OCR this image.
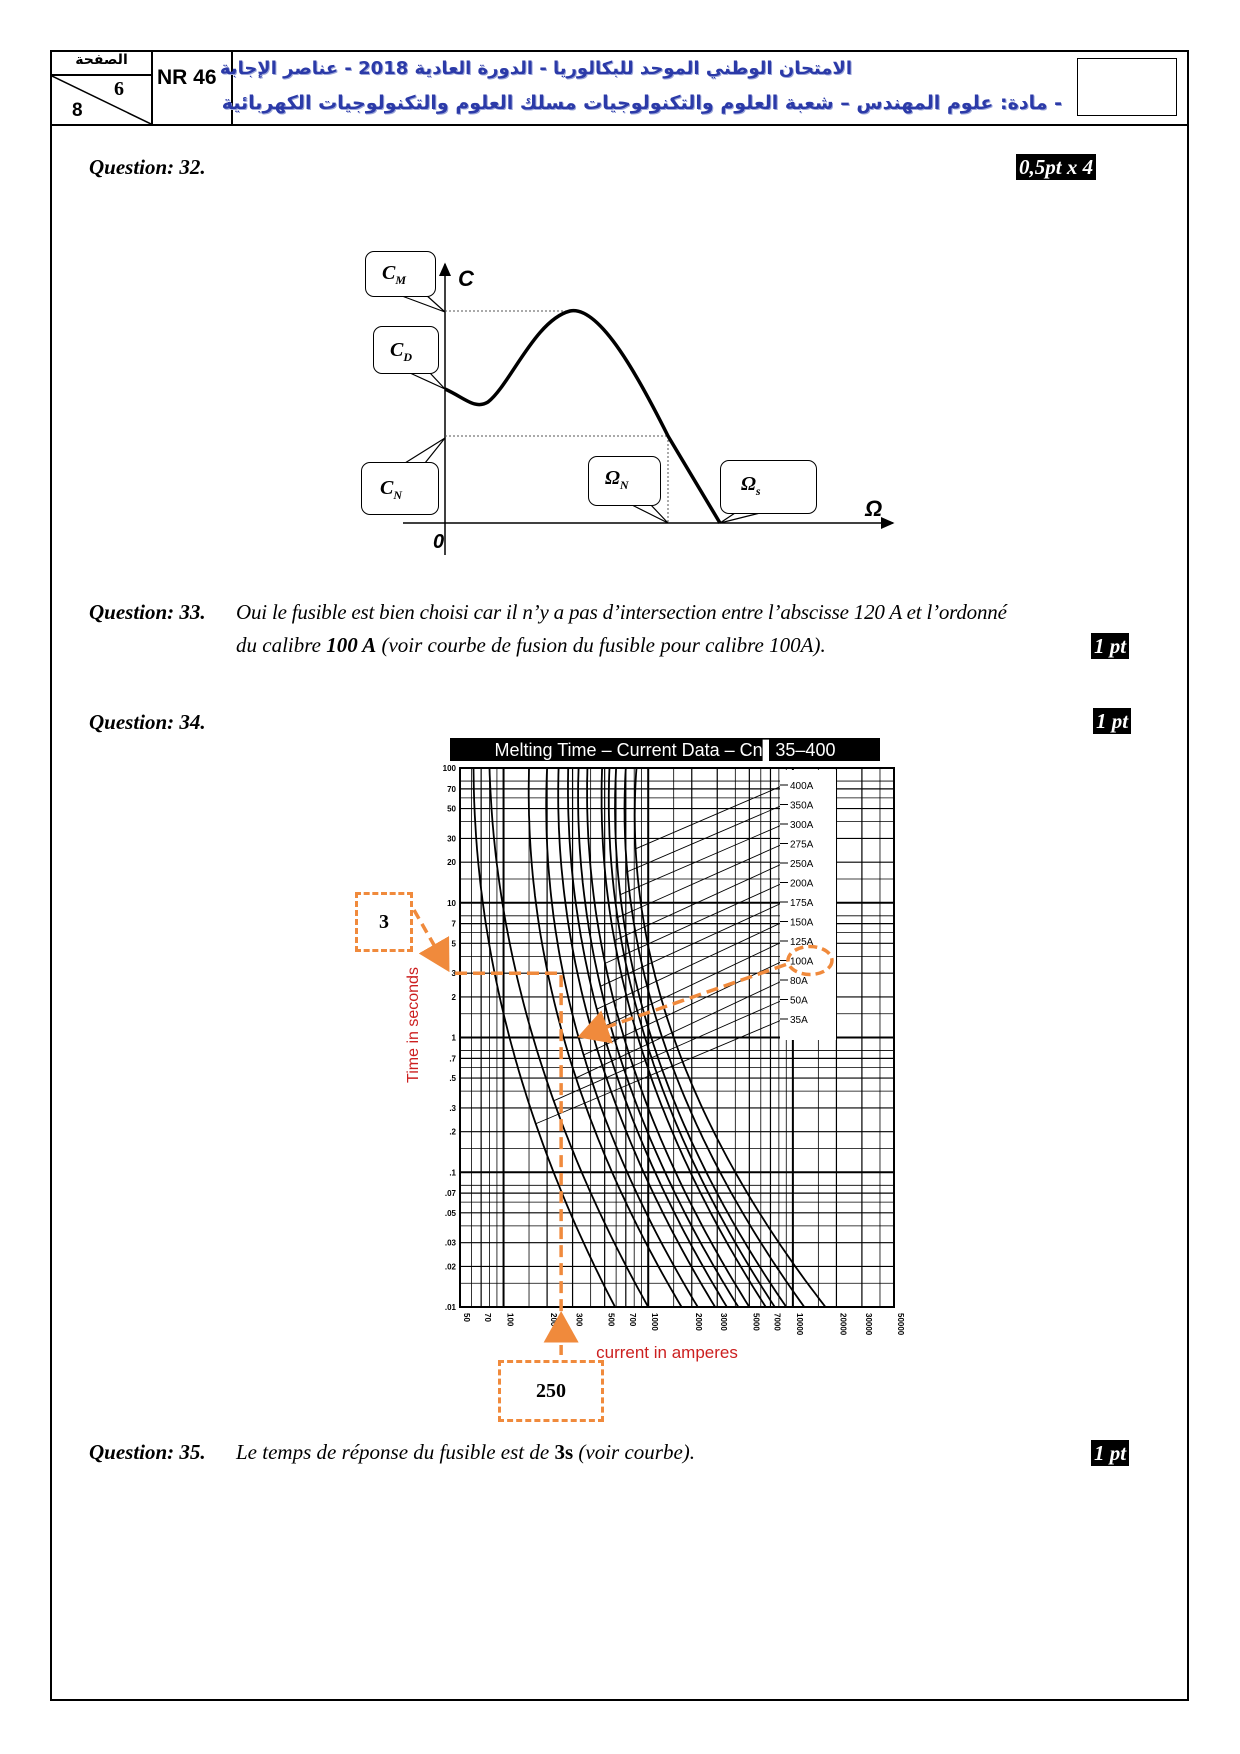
الصفحة
6
8
NR 46 الامتحان الوطني الموحد للبكالوريا - الدورة العادية 2018 - عناصر الإجابة
- مادة: علوم المهندس – شعبة العلوم والتكنولوجيات مسلك العلوم والتكنولوجيات الكهربائية
Question: 32.	0,5pt x 4
C
Ω
0
$C_M$
$C_D$
$C_N$
$\Omega_N$	$\Omega_s$
Question: 33. Oui le fusible est bien choisi car il n’y a pas d’intersection entre l’abscisse 120 A et l’ordonné
du calibre 100 A (voir courbe de fusion du fusible pour calibre 100A).	1 pt
Question: 34.	1 pt
Melting Time – Current Data – Cn▌35–400
400A
350A
300A
275A
250A
200A
175A
150A
125A
100A
80A
50A
35A
50 70 100	200 300	500 700 1000	2000 3000	5000 7000 10000	20000 30000	50000
100
70
50
30
20
10
7
5
3
2
1
.7
.5
.3
.2
.1
.07
.05
.03
.02
.01
Time in seconds
current in amperes
3
250
Question: 35. Le temps de réponse du fusible est de 3s (voir courbe).	1 pt
